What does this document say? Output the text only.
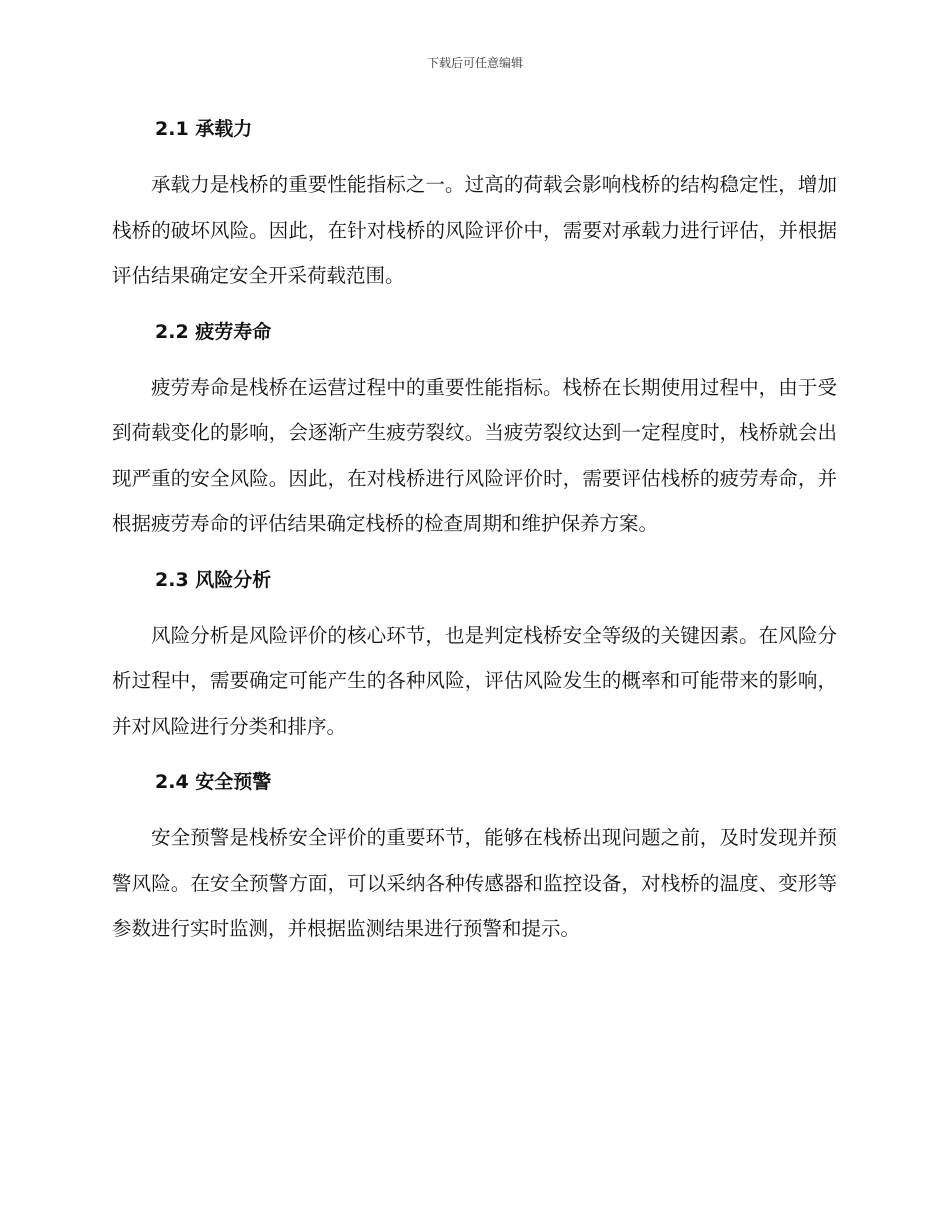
下载后可任意编辑
2.1 承载力

承载力是栈桥的重要性能指标之一。过高的荷载会影响栈桥的结构稳定性，增加栈桥的破坏风险。因此，在针对栈桥的风险评价中，需要对承载力进行评估，并根据评估结果确定安全开采荷载范围。

2.2 疲劳寿命

疲劳寿命是栈桥在运营过程中的重要性能指标。栈桥在长期使用过程中，由于受到荷载变化的影响，会逐渐产生疲劳裂纹。当疲劳裂纹达到一定程度时，栈桥就会出现严重的安全风险。因此，在对栈桥进行风险评价时，需要评估栈桥的疲劳寿命，并根据疲劳寿命的评估结果确定栈桥的检查周期和维护保养方案。

2.3 风险分析

风险分析是风险评价的核心环节，也是判定栈桥安全等级的关键因素。在风险分析过程中，需要确定可能产生的各种风险，评估风险发生的概率和可能带来的影响，并对风险进行分类和排序。

2.4 安全预警

安全预警是栈桥安全评价的重要环节，能够在栈桥出现问题之前，及时发现并预警风险。在安全预警方面，可以采纳各种传感器和监控设备，对栈桥的温度、变形等参数进行实时监测，并根据监测结果进行预警和提示。
